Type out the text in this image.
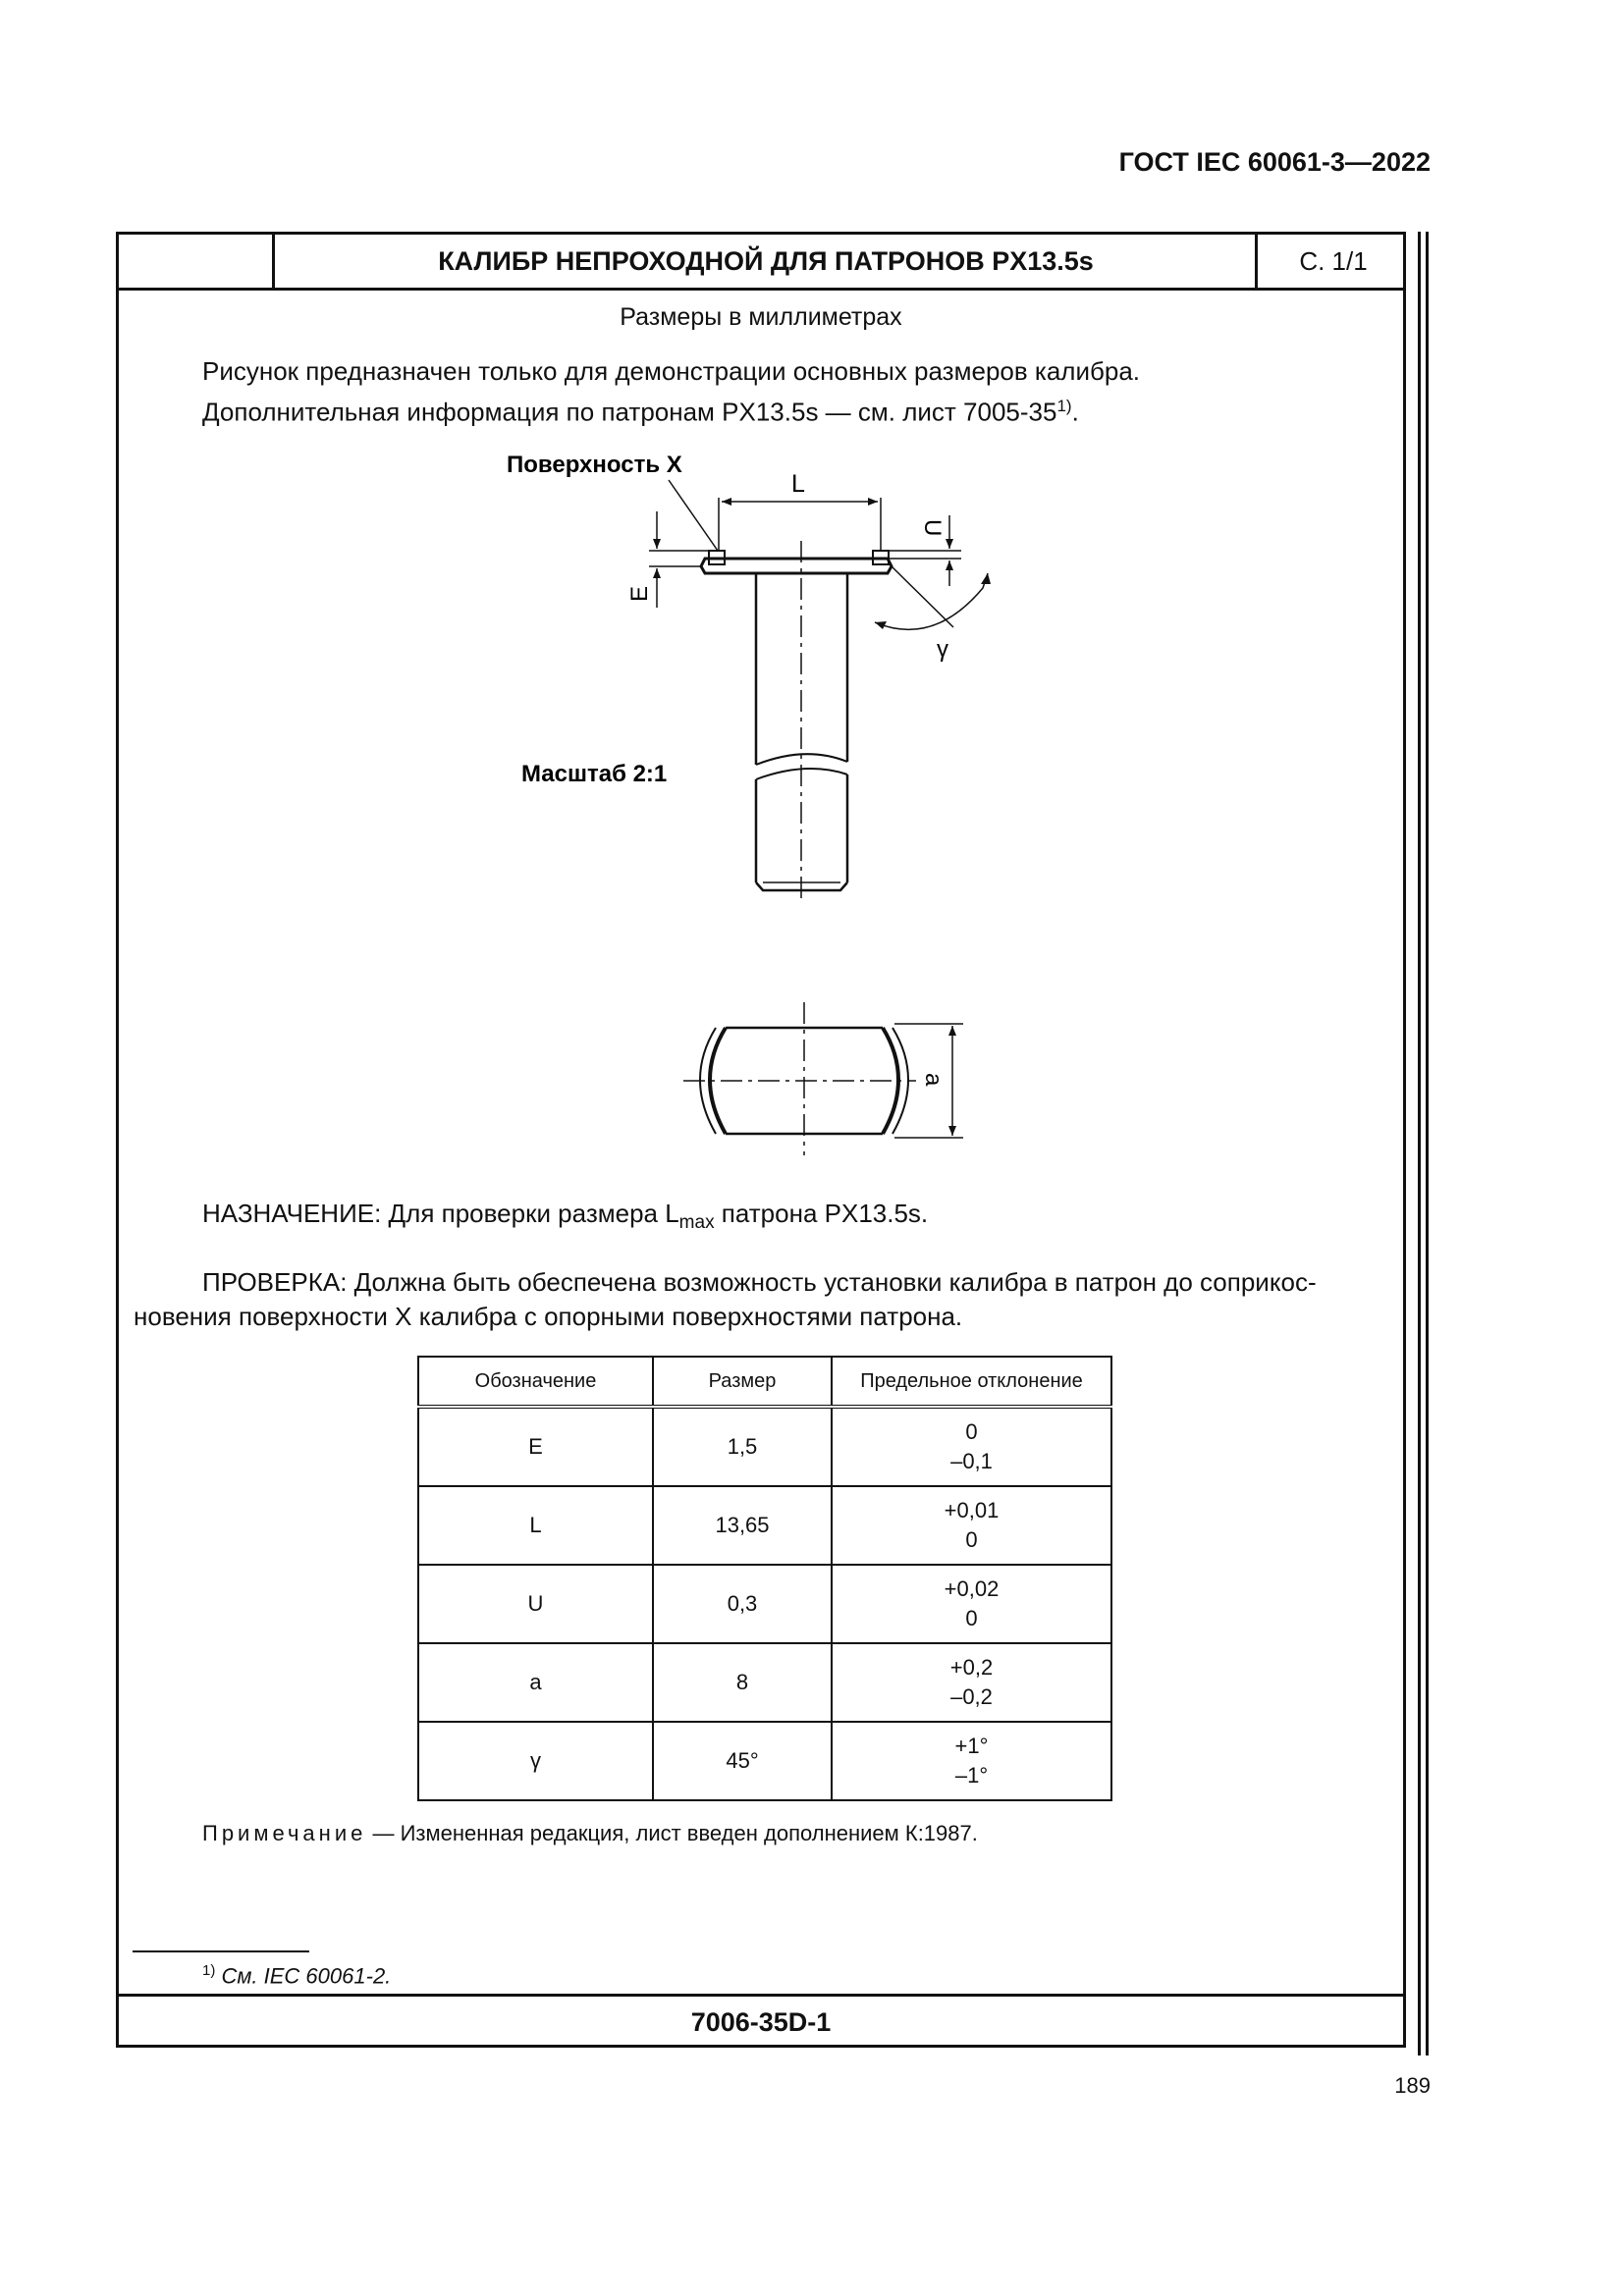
ГОСТ IEC 60061-3—2022
КАЛИБР НЕПРОХОДНОЙ ДЛЯ ПАТРОНОВ PX13.5s	С. 1/1
Размеры в миллиметрах
Рисунок предназначен только для демонстрации основных размеров калибра.
Дополнительная информация по патронам PX13.5s — см. лист 7005-35$^{1)}$.
Поверхность X
L
U
E
γ
Масштаб 2:1
a
НАЗНАЧЕНИЕ: Для проверки размера $L_{max}$ патрона PX13.5s.
ПРОВЕРКА: Должна быть обеспечена возможность установки калибра в патрон до соприкосновения поверхности X калибра с опорными поверхностями патрона.
Обозначение	Размер	Предельное отклонение
E	1,5	0
–0,1

L	13,65	+0,01
0

U	0,3	+0,02
0

a	8	+0,2
–0,2

γ	45°	+1°
–1°
Примечание — Измененная редакция, лист введен дополнением К:1987.
$^{1)}$ См. IEC 60061-2.
7006-35D-1
189
